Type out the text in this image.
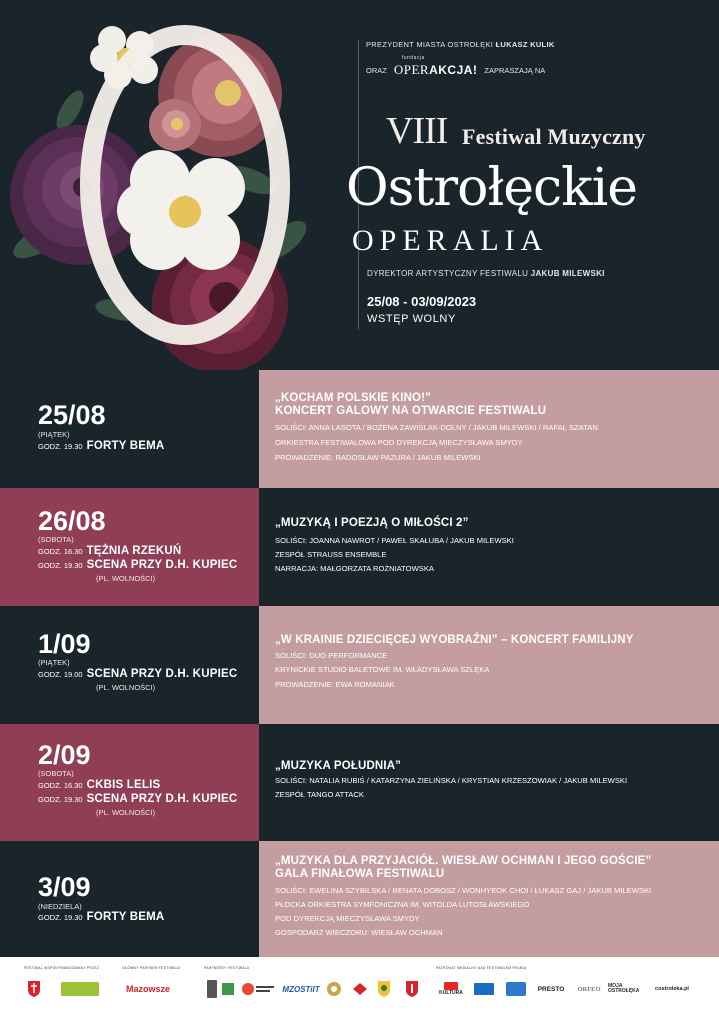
PREZYDENT MIASTA OSTROŁĘKI ŁUKASZ KULIK
ORAZ
fundacja
OPERAKCJA! ZAPRASZAJĄ NA
VIII Festiwal Muzyczny
Ostrołęckie
OPERALIA
DYREKTOR ARTYSTYCZNY FESTIWALU JAKUB MILEWSKI
25/08 - 03/09/2023
WSTĘP WOLNY
25/08
(PIĄTEK)
GODZ. 19.30 FORTY BEMA
„KOCHAM POLSKIE KINO!”
KONCERT GALOWY NA OTWARCIE FESTIWALU
SOLIŚCI: ANNA LASOTA / BOŻENA ZAWIŚLAK-DOLNY / JAKUB MILEWSKI / RAFAŁ SZATAN
ORKIESTRA FESTIWALOWA POD DYREKCJĄ MIECZYSŁAWA SMYDY
PROWADZENIE: RADOSŁAW PAZURA / JAKUB MILEWSKI
26/08
(SOBOTA)
GODZ. 16.30 TĘŻNIA RZEKUŃ
GODZ. 19.30 SCENA PRZY D.H. KUPIEC
(PL. WOLNOŚCI)
„MUZYKĄ I POEZJĄ O MIŁOŚCI 2”
SOLIŚCI: JOANNA NAWROT / PAWEŁ SKAŁUBA / JAKUB MILEWSKI
ZESPÓŁ STRAUSS ENSEMBLE
NARRACJA: MAŁGORZATA ROŻNIATOWSKA
1/09
(PIĄTEK)
GODZ. 19.00 SCENA PRZY D.H. KUPIEC
(PL. WOLNOŚCI)
„W KRAINIE DZIECIĘCEJ WYOBRAŹNI” – KONCERT FAMILIJNY
SOLIŚCI: DUO PERFORMANCE
KRYNICKIE STUDIO BALETOWE IM. WŁADYSŁAWA SZLĘKA
PROWADZENIE: EWA ROMANIAK
2/09
(SOBOTA)
GODZ. 16.30 CKBIS LELIS
GODZ. 19.30 SCENA PRZY D.H. KUPIEC
(PL. WOLNOŚCI)
„MUZYKA POŁUDNIA”
SOLIŚCI: NATALIA RUBIŚ / KATARZYNA ZIELIŃSKA / KRYSTIAN KRZESZOWIAK / JAKUB MILEWSKI
ZESPÓŁ TANGO ATTACK
3/09
(NIEDZIELA)
GODZ. 19.30 FORTY BEMA
„MUZYKA DLA PRZYJACIÓŁ. WIESŁAW OCHMAN I JEGO GOŚCIE”
GALA FINAŁOWA FESTIWALU
SOLIŚCI: EWELINA SZYBILSKA / RENATA DOBOSZ / WONHYEOK CHOI / ŁUKASZ GAJ / JAKUB MILEWSKI
PŁOCKA ORKIESTRA SYMFONICZNA IM. WITOLDA LUTOSŁAWSKIEGO
POD DYREKCJĄ MIECZYSŁAWA SMYDY
GOSPODARZ WIECZORU: WIESŁAW OCHMAN
FESTIWAL WSPÓŁFINANSOWANY PRZEZ	GŁÓWNY PARTNER FESTIWALU	PARTNERZY FESTIWALU	PATRONAT MEDIALNY NAD FESTIWALEM PEŁNIĄ
Mazowsze	MZOSTiIT	KULTURA
PRESTO ORFEO MOJA OSTROŁĘKA	costroleka.pl
